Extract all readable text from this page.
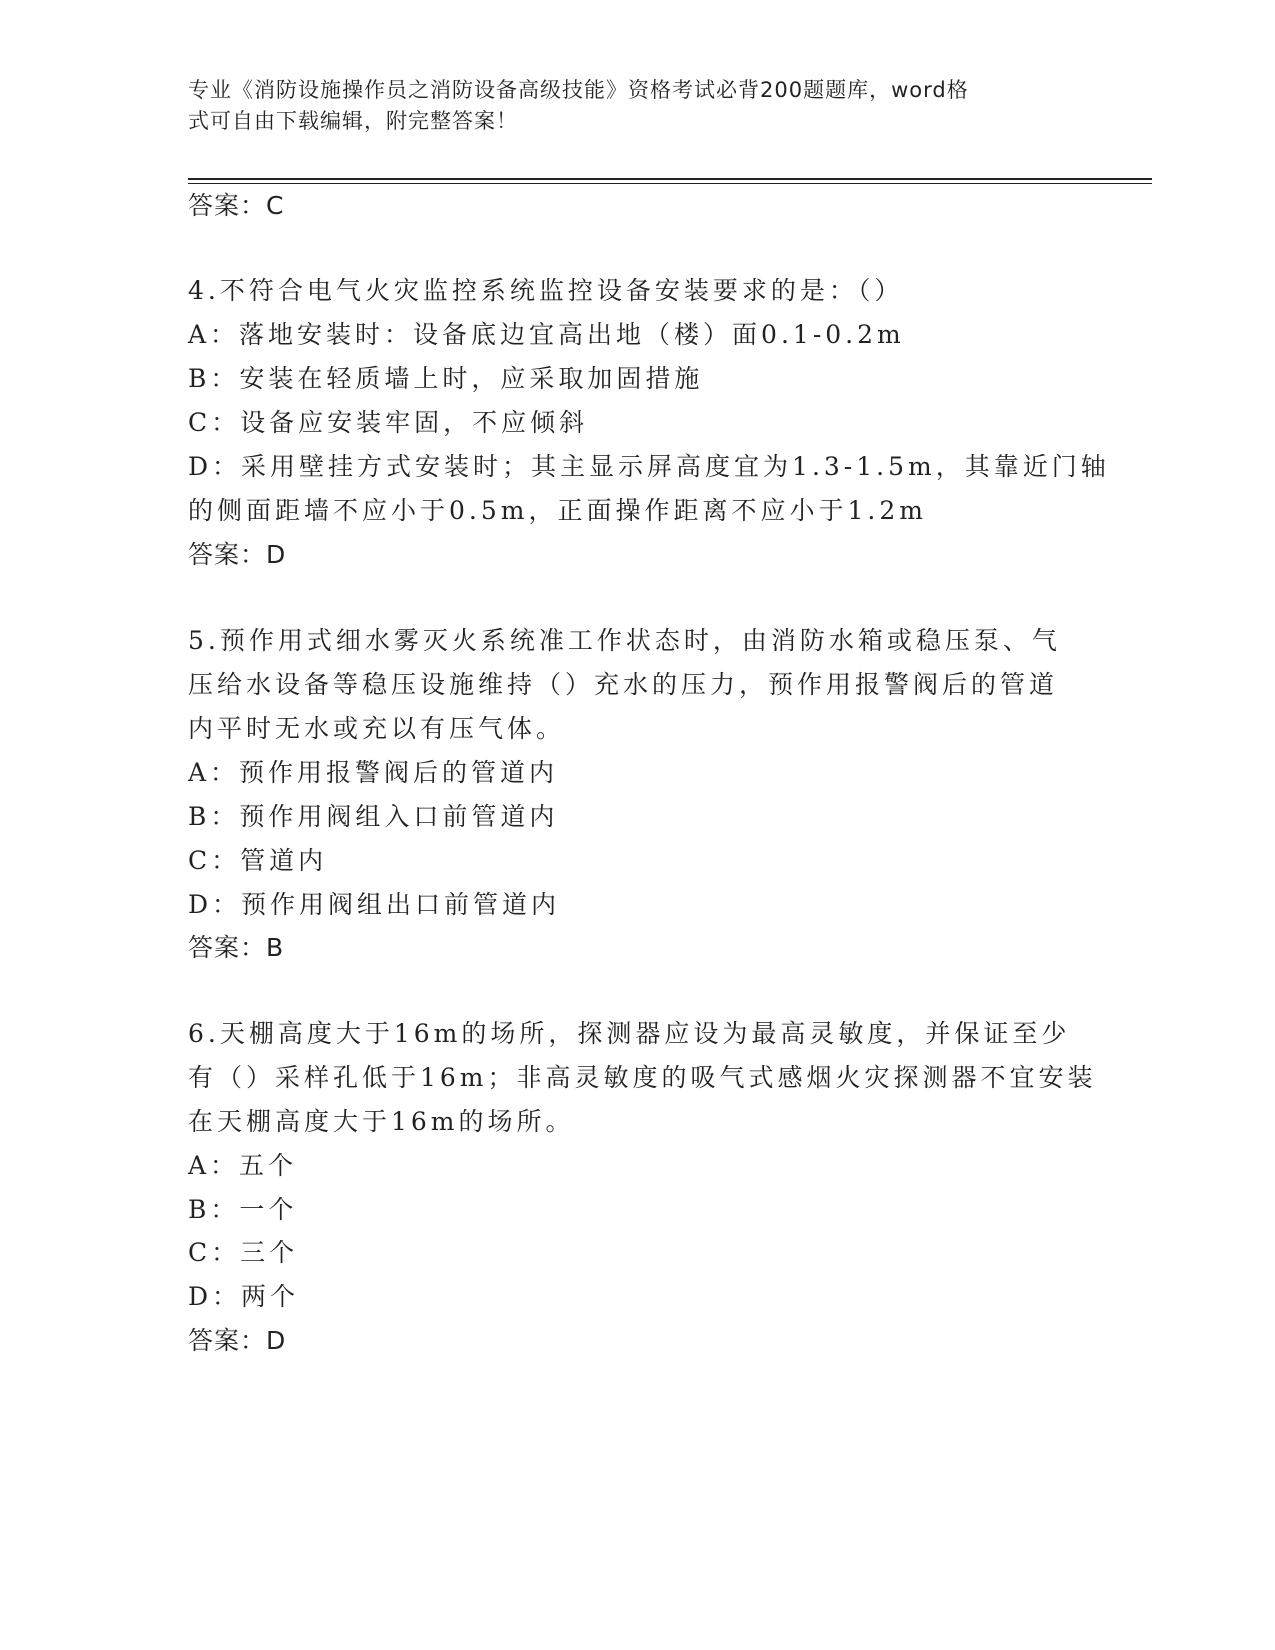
专业《消防设施操作员之消防设备高级技能》资格考试必背200题题库，word格
式可自由下载编辑，附完整答案！
答案：C
4.不符合电气火灾监控系统监控设备安装要求的是：（）
A：落地安装时：设备底边宜高出地（楼）面0.1-0.2m
B：安装在轻质墙上时，应采取加固措施
C：设备应安装牢固，不应倾斜
D：采用壁挂方式安装时；其主显示屏高度宜为1.3-1.5m，其靠近门轴
的侧面距墙不应小于0.5m，正面操作距离不应小于1.2m
答案：D
5.预作用式细水雾灭火系统准工作状态时，由消防水箱或稳压泵、气
压给水设备等稳压设施维持（）充水的压力，预作用报警阀后的管道
内平时无水或充以有压气体。
A：预作用报警阀后的管道内
B：预作用阀组入口前管道内
C：管道内
D：预作用阀组出口前管道内
答案：B
6.天棚高度大于16m的场所，探测器应设为最高灵敏度，并保证至少
有（）采样孔低于16m；非高灵敏度的吸气式感烟火灾探测器不宜安装
在天棚高度大于16m的场所。
A：五个
B：一个
C：三个
D：两个
答案：D
